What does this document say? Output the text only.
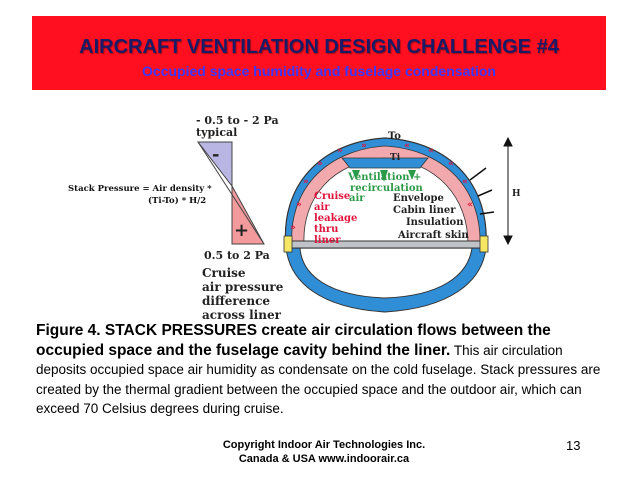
AIRCRAFT VENTILATION DESIGN CHALLENGE #4
Occupied space humidity and fuselage condensation
-
+
- 0.5 to - 2 Pa
typical
0.5 to 2 Pa
Stack Pressure = Air density *
(Ti-To) * H/2
Cruise
air pressure
difference
across liner
»
»
»
» »	« «
«
«
«
»
To
Ti
Ventilation +
recirculation
air
Cruise
air
leakage
thru
liner
Envelope
Cabin liner
Insulation
Aircraft skin
H
Figure 4. STACK PRESSURES create air circulation flows between the occupied space and the fuselage cavity behind the liner. This air circulation deposits occupied space air humidity as condensate on the cold fuselage. Stack pressures are created by the thermal gradient between the occupied space and the outdoor air, which can exceed 70 Celsius degrees during cruise.
Copyright Indoor Air Technologies Inc.
Canada & USA www.indoorair.ca
13
